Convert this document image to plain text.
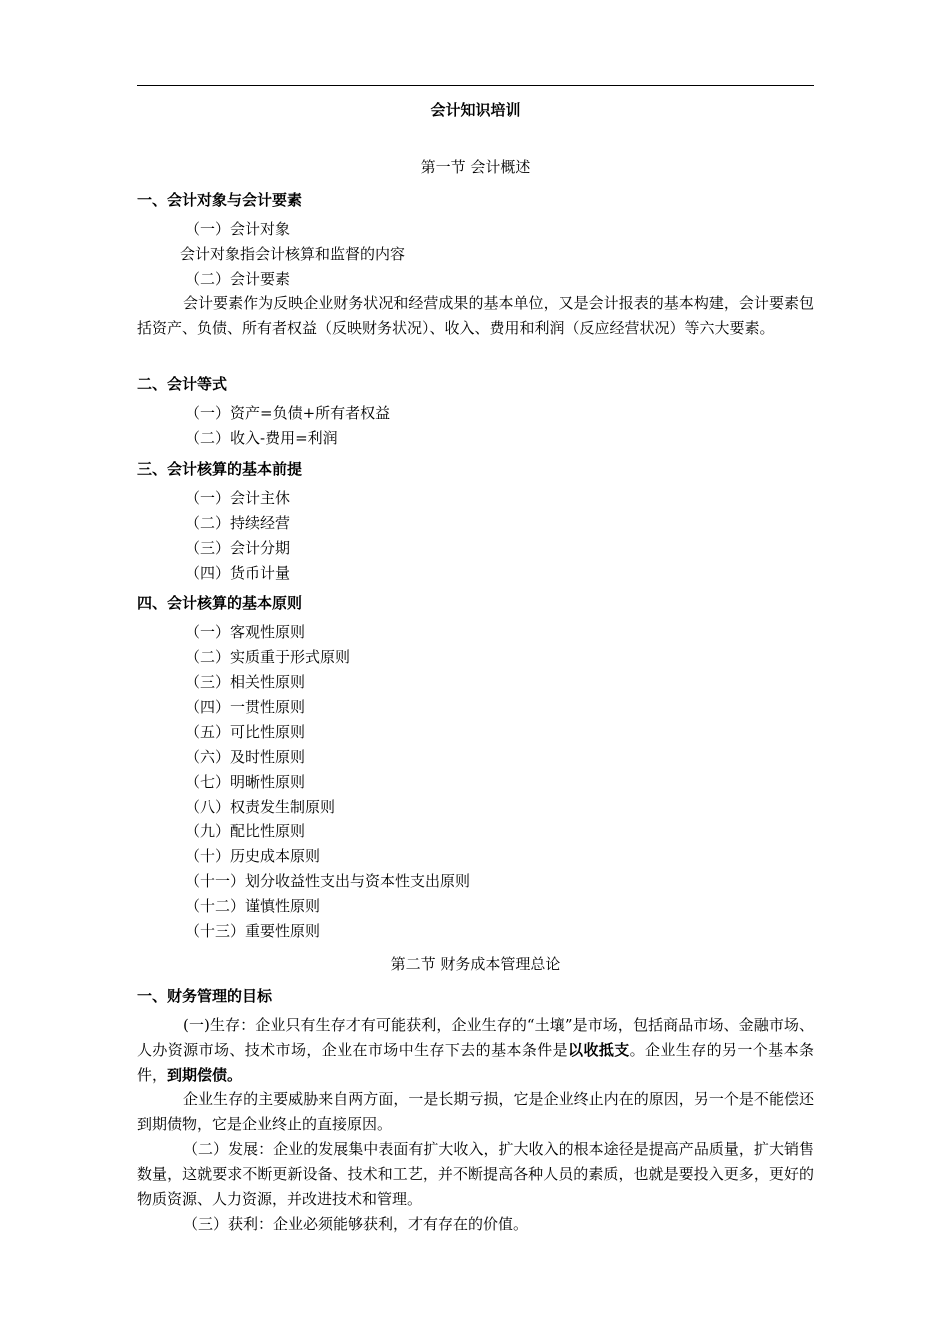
会计知识培训
第一节 会计概述
一、会计对象与会计要素
（一）会计对象
会计对象指会计核算和监督的内容
（二）会计要素
会计要素作为反映企业财务状况和经营成果的基本单位，又是会计报表的基本构建，会计要素包括资产、负债、所有者权益（反映财务状况）、收入、费用和利润（反应经营状况）等六大要素。
二、会计等式
（一）资产=负债+所有者权益
（二）收入-费用=利润
三、会计核算的基本前提
（一）会计主休
（二）持续经营
（三）会计分期
（四）货币计量
四、会计核算的基本原则
（一）客观性原则
（二）实质重于形式原则
（三）相关性原则
（四）一贯性原则
（五）可比性原则
（六）及时性原则
（七）明晰性原则
（八）权责发生制原则
（九）配比性原则
（十）历史成本原则
（十一）划分收益性支出与资本性支出原则
（十二）谨慎性原则
（十三）重要性原则
第二节 财务成本管理总论
一、财务管理的目标
(一)生存：企业只有生存才有可能获利，企业生存的“土壤”是市场，包括商品市场、金融市场、人办资源市场、技术市场，企业在市场中生存下去的基本条件是以收抵支。企业生存的另一个基本条件，到期偿债。
企业生存的主要威胁来自两方面，一是长期亏损，它是企业终止内在的原因，另一个是不能偿还到期债物，它是企业终止的直接原因。
（二）发展：企业的发展集中表面有扩大收入，扩大收入的根本途径是提高产品质量，扩大销售数量，这就要求不断更新设备、技术和工艺，并不断提高各种人员的素质，也就是要投入更多，更好的物质资源、人力资源，并改进技术和管理。
（三）获利：企业必须能够获利，才有存在的价值。
